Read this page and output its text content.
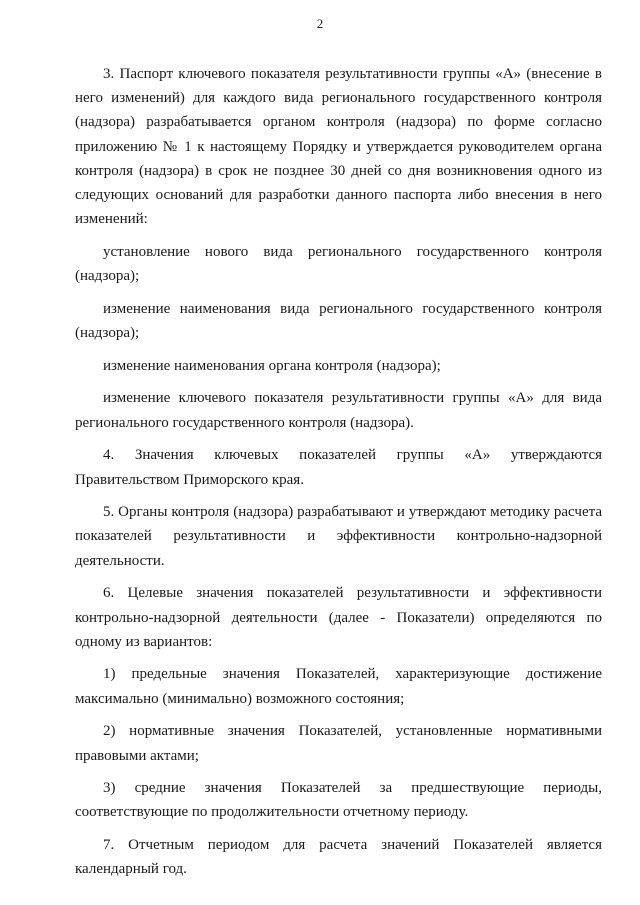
2

3. Паспорт ключевого показателя результативности группы «А» (внесение в него изменений) для каждого вида регионального государственного контроля (надзора) разрабатывается органом контроля (надзора) по форме согласно приложению № 1 к настоящему Порядку и утверждается руководителем органа контроля (надзора) в срок не позднее 30 дней со дня возникновения одного из следующих оснований для разработки данного паспорта либо внесения в него изменений:

установление нового вида регионального государственного контроля (надзора);

изменение наименования вида регионального государственного контроля (надзора);

изменение наименования органа контроля (надзора);

изменение ключевого показателя результативности группы «А» для вида регионального государственного контроля (надзора).

4. Значения ключевых показателей группы «А» утверждаются Правительством Приморского края.

5. Органы контроля (надзора) разрабатывают и утверждают методику расчета показателей результативности и эффективности контрольно-надзорной деятельности.

6. Целевые значения показателей результативности и эффективности контрольно-надзорной деятельности (далее - Показатели) определяются по одному из вариантов:

1) предельные значения Показателей, характеризующие достижение максимально (минимально) возможного состояния;

2) нормативные значения Показателей, установленные нормативными правовыми актами;

3) средние значения Показателей за предшествующие периоды, соответствующие по продолжительности отчетному периоду.

7. Отчетным периодом для расчета значений Показателей является календарный год.
